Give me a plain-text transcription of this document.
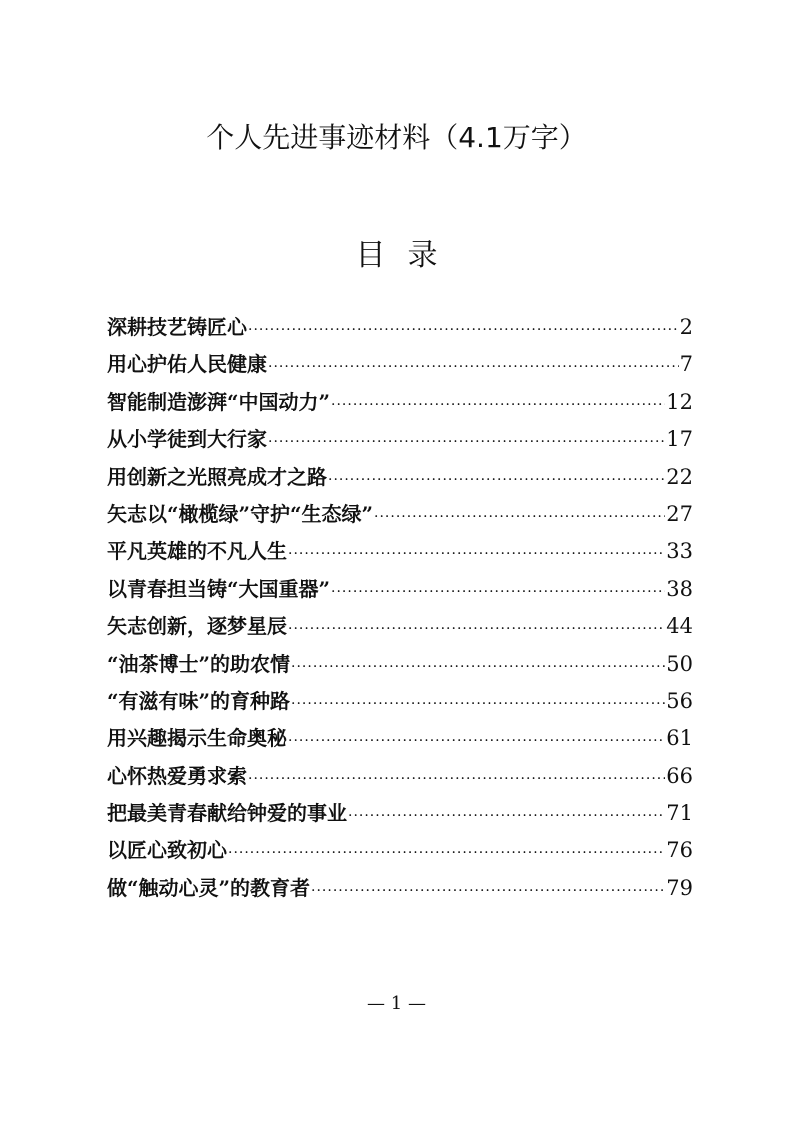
个人先进事迹材料（4.1万字）
目录
深耕技艺铸匠心 ·····	2
用心护佑人民健康 ·····	7
智能制造澎湃“中国动力” ·····	12
从小学徒到大行家 ·····	17
用创新之光照亮成才之路 ·····	22
矢志以“橄榄绿”守护“生态绿” ·····	27
平凡英雄的不凡人生 ·····	33
以青春担当铸“大国重器” ·····	38
矢志创新，逐梦星辰 ·····	44
“油茶博士”的助农情 ·····	50
“有滋有味”的育种路 ·····	56
用兴趣揭示生命奥秘 ·····	61
心怀热爱勇求索 ·····	66
把最美青春献给钟爱的事业 ·····	71
以匠心致初心 ·····	76
做“触动心灵”的教育者 ·····	79
— 1 —
